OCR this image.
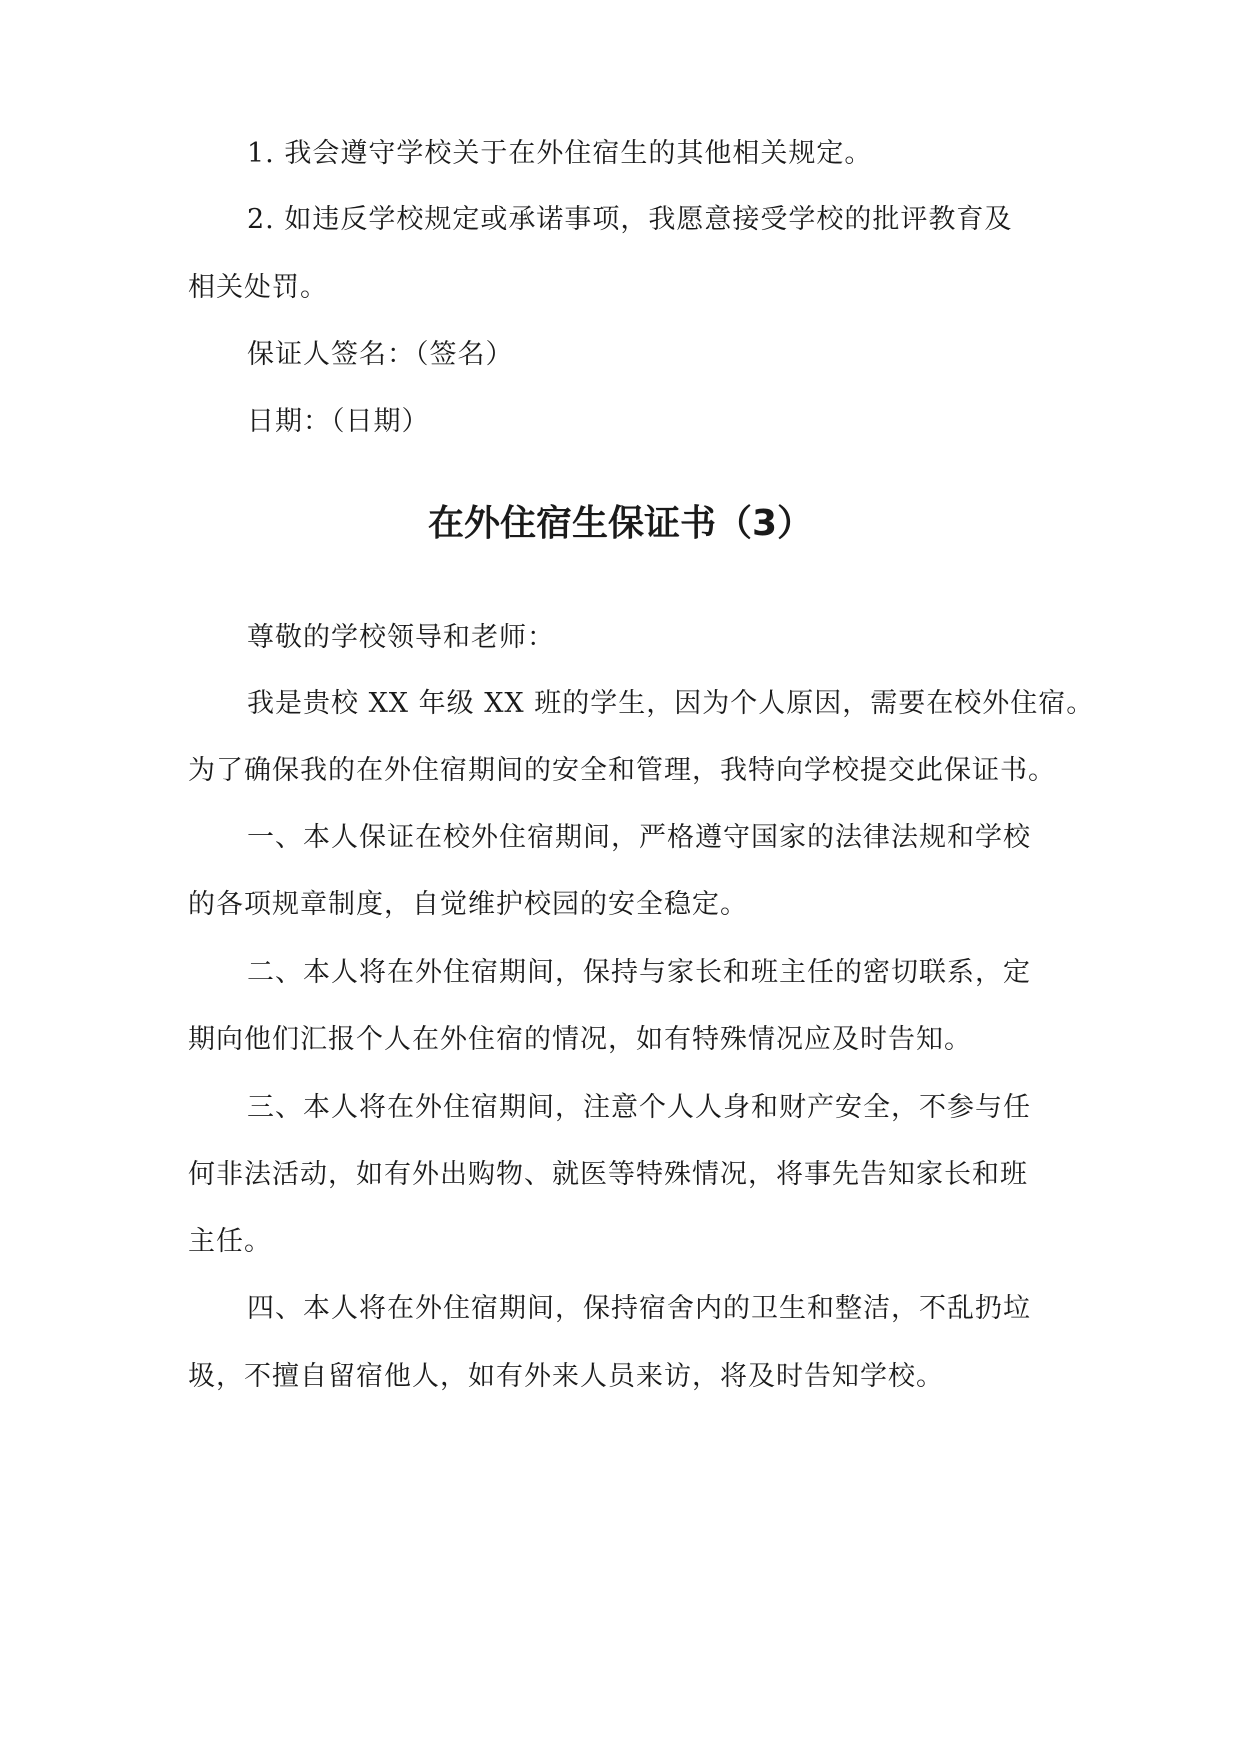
1. 我会遵守学校关于在外住宿生的其他相关规定。
2. 如违反学校规定或承诺事项，我愿意接受学校的批评教育及
相关处罚。
保证人签名：（签名）
日期：（日期）
在外住宿生保证书（3）
尊敬的学校领导和老师：
我是贵校 XX 年级 XX 班的学生，因为个人原因，需要在校外住宿。
为了确保我的在外住宿期间的安全和管理，我特向学校提交此保证书。
一、本人保证在校外住宿期间，严格遵守国家的法律法规和学校
的各项规章制度，自觉维护校园的安全稳定。
二、本人将在外住宿期间，保持与家长和班主任的密切联系，定
期向他们汇报个人在外住宿的情况，如有特殊情况应及时告知。
三、本人将在外住宿期间，注意个人人身和财产安全，不参与任
何非法活动，如有外出购物、就医等特殊情况，将事先告知家长和班
主任。
四、本人将在外住宿期间，保持宿舍内的卫生和整洁，不乱扔垃
圾，不擅自留宿他人，如有外来人员来访，将及时告知学校。
